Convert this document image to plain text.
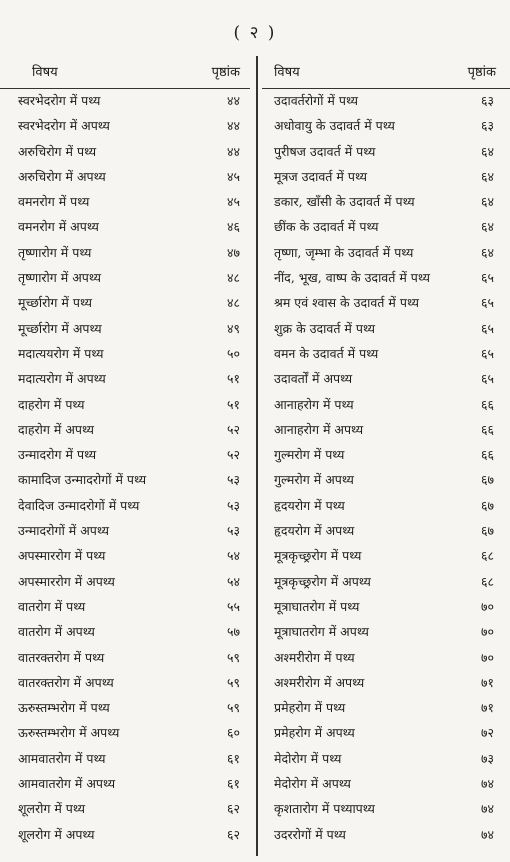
( २ )
विषय	पृष्ठांक
स्वरभेदरोग में पथ्य	४४
स्वरभेदरोग में अपथ्य	४४
अरुचिरोग में पथ्य	४४
अरुचिरोग में अपथ्य	४५
वमनरोग में पथ्य	४५
वमनरोग में अपथ्य	४६
तृष्णारोग में पथ्य	४७
तृष्णारोग में अपथ्य	४८
मूर्च्छारोग में पथ्य	४८
मूर्च्छारोग में अपथ्य	४९
मदात्ययरोग में पथ्य	५०
मदात्यरोग में अपथ्य	५१
दाहरोग में पथ्य	५१
दाहरोग में अपथ्य	५२
उन्मादरोग में पथ्य	५२
कामादिज उन्मादरोगों में पथ्य	५३
देवादिज उन्मादरोगों में पथ्य	५३
उन्मादरोगों में अपथ्य	५३
अपस्माररोग में पथ्य	५४
अपस्माररोग में अपथ्य	५४
वातरोग में पथ्य	५५
वातरोग में अपथ्य	५७
वातरक्तरोग में पथ्य	५९
वातरक्तरोग में अपथ्य	५९
ऊरुस्तम्भरोग में पथ्य	५९
ऊरुस्तम्भरोग में अपथ्य	६०
आमवातरोग में पथ्य	६१
आमवातरोग में अपथ्य	६१
शूलरोग में पथ्य	६२
शूलरोग में अपथ्य	६२
विषय	पृष्ठांक
उदावर्तरोगों में पथ्य	६३
अधोवायु के उदावर्त में पथ्य	६३
पुरीषज उदावर्त में पथ्य	६४
मूत्रज उदावर्त में पथ्य	६४
डकार, खाँसी के उदावर्त में पथ्य	६४
छींक के उदावर्त में पथ्य	६४
तृष्णा, जृम्भा के उदावर्त में पथ्य	६४
नींद, भूख, वाष्प के उदावर्त में पथ्य	६५
श्रम एवं श्वास के उदावर्त में पथ्य	६५
शुक्र के उदावर्त में पथ्य	६५
वमन के उदावर्त में पथ्य	६५
उदावर्तों में अपथ्य	६५
आनाहरोग में पथ्य	६६
आनाहरोग में अपथ्य	६६
गुल्मरोग में पथ्य	६६
गुल्मरोग में अपथ्य	६७
हृदयरोग में पथ्य	६७
हृदयरोग में अपथ्य	६७
मूत्रकृच्छ्ररोग में पथ्य	६८
मूत्रकृच्छ्ररोग में अपथ्य	६८
मूत्राघातरोग में पथ्य	७०
मूत्राघातरोग में अपथ्य	७०
अश्मरीरोग में पथ्य	७०
अश्मरीरोग में अपथ्य	७१
प्रमेहरोग में पथ्य	७१
प्रमेहरोग में अपथ्य	७२
मेदोरोग में पथ्य	७३
मेदोरोग में अपथ्य	७४
कृशतारोग में पथ्यापथ्य	७४
उदररोगों में पथ्य	७४
